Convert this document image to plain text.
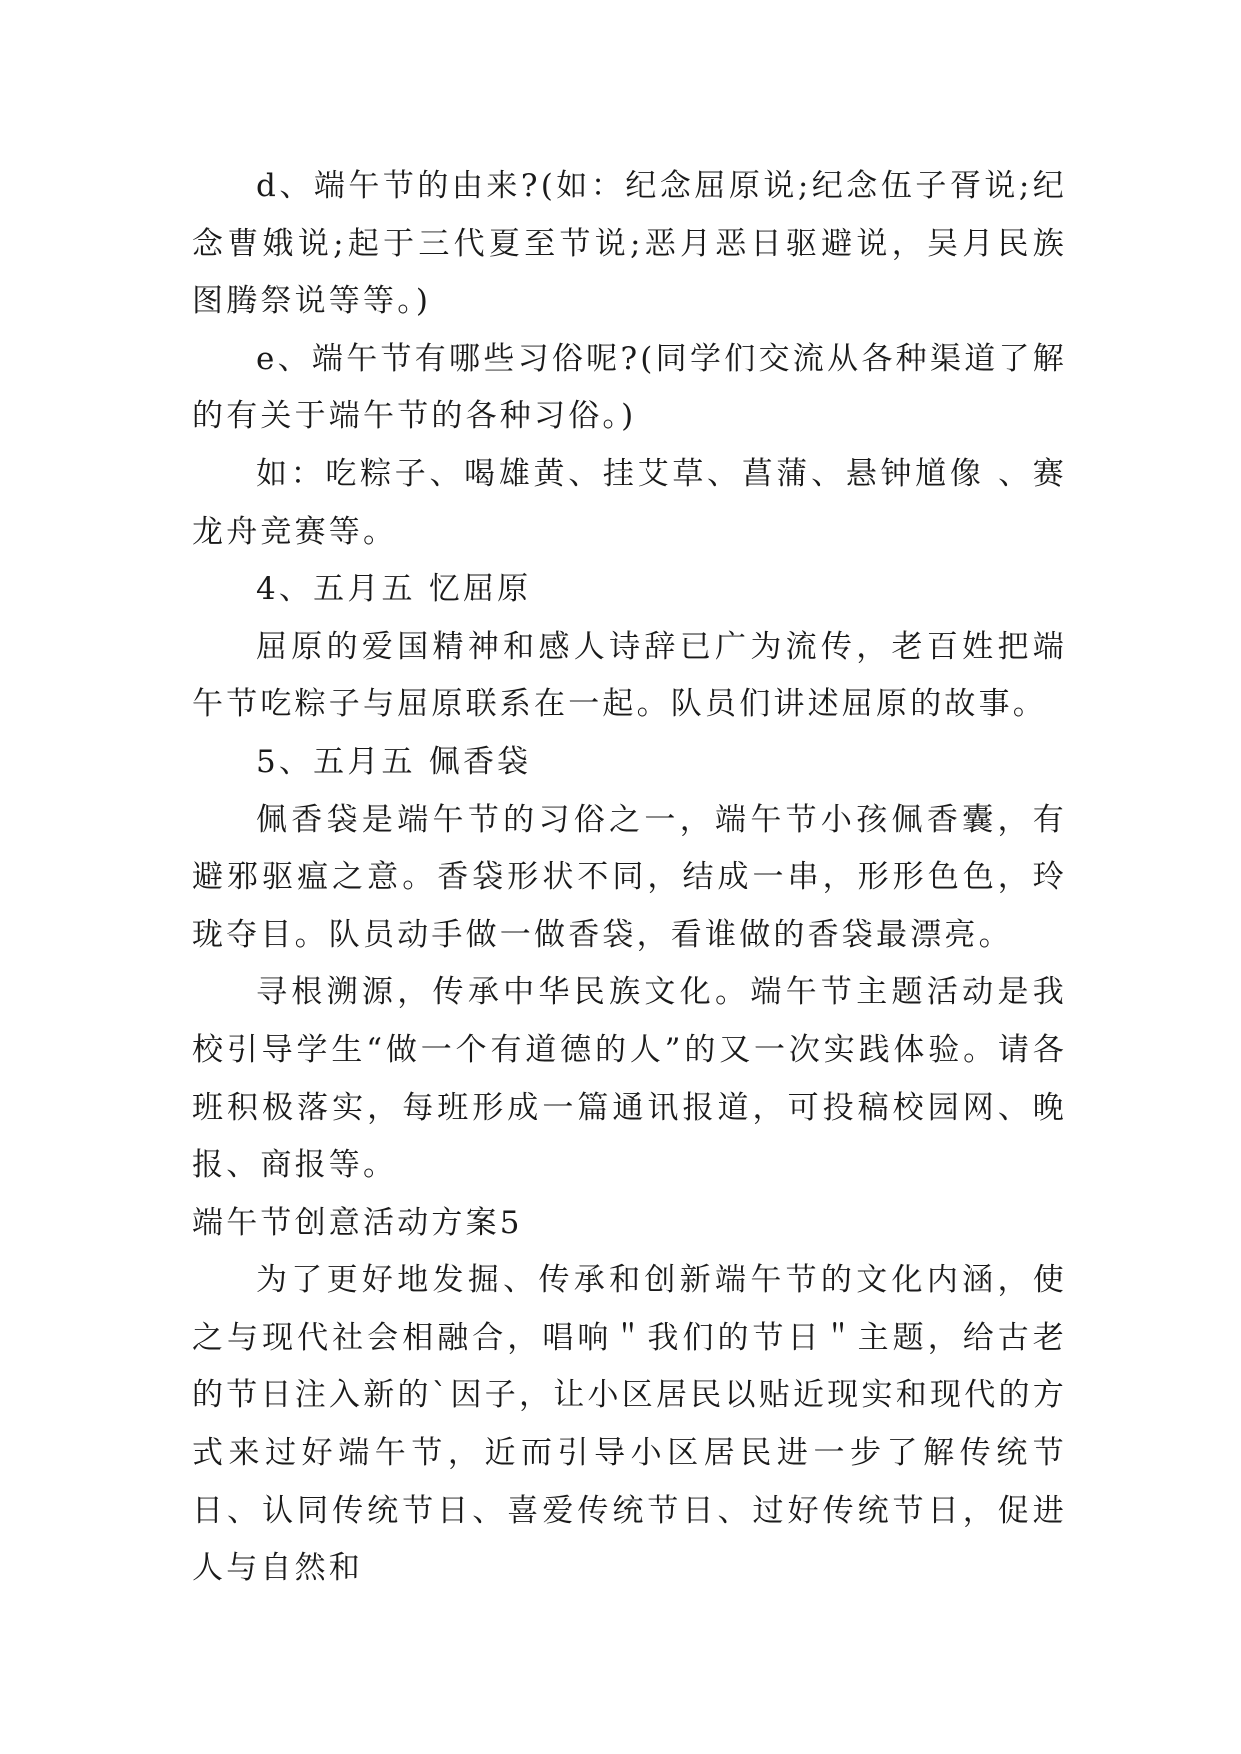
d、端午节的由来?(如：纪念屈原说;纪念伍子胥说;纪念曹娥说;起于三代夏至节说;恶月恶日驱避说，吴月民族图腾祭说等等。)

e、端午节有哪些习俗呢?(同学们交流从各种渠道了解的有关于端午节的各种习俗。)

如：吃粽子、喝雄黄、挂艾草、菖蒲、悬钟馗像 、赛龙舟竞赛等。

4、五月五 忆屈原

屈原的爱国精神和感人诗辞已广为流传，老百姓把端午节吃粽子与屈原联系在一起。队员们讲述屈原的故事。

5、五月五 佩香袋

佩香袋是端午节的习俗之一，端午节小孩佩香囊，有避邪驱瘟之意。香袋形状不同，结成一串，形形色色，玲珑夺目。队员动手做一做香袋，看谁做的香袋最漂亮。

寻根溯源，传承中华民族文化。端午节主题活动是我校引导学生“做一个有道德的人”的又一次实践体验。请各班积极落实，每班形成一篇通讯报道，可投稿校园网、晚报、商报等。

端午节创意活动方案5

为了更好地发掘、传承和创新端午节的文化内涵，使之与现代社会相融合，唱响＂我们的节日＂主题，给古老的节日注入新的`因子，让小区居民以贴近现实和现代的方式来过好端午节，近而引导小区居民进一步了解传统节日、认同传统节日、喜爱传统节日、过好传统节日，促进人与自然和
